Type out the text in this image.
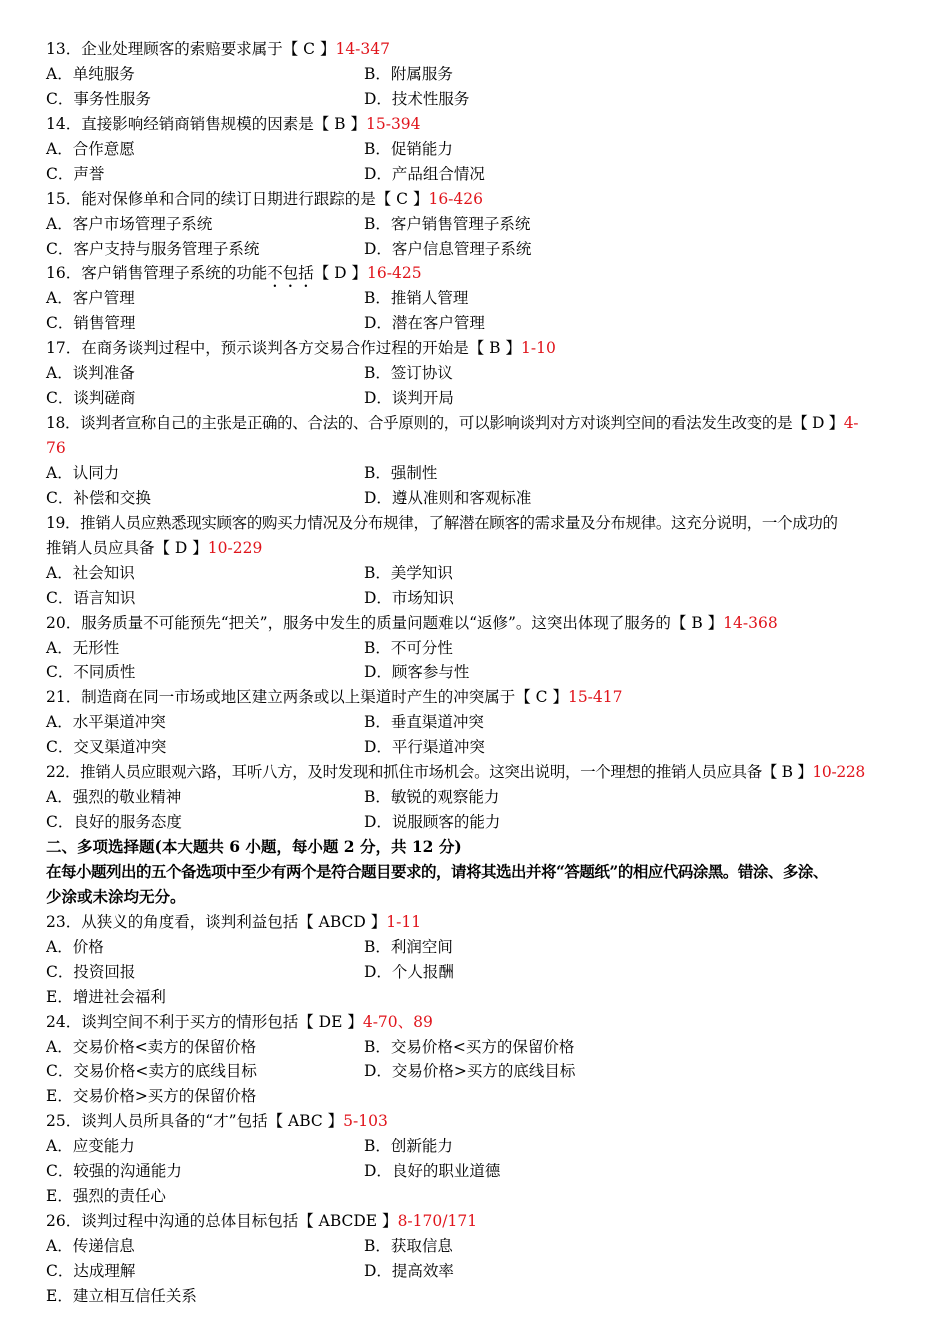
13．企业处理顾客的索赔要求属于【 C 】14-347
A．单纯服务	B．附属服务
C．事务性服务	D．技术性服务
14．直接影响经销商销售规模的因素是【 B 】15-394
A．合作意愿	B．促销能力
C．声誉	D．产品组合情况
15．能对保修单和合同的续订日期进行跟踪的是【 C 】16-426
A．客户市场管理子系统	B．客户销售管理子系统
C．客户支持与服务管理子系统	D．客户信息管理子系统
16．客户销售管理子系统的功能不包括【 D 】16-425
A．客户管理	B．推销人管理
C．销售管理	D．潜在客户管理
17．在商务谈判过程中，预示谈判各方交易合作过程的开始是【 B 】1-10
A．谈判准备	B．签订协议
C．谈判磋商	D．谈判开局
18．谈判者宣称自己的主张是正确的、合法的、合乎原则的，可以影响谈判对方对谈判空间的看法发生改变的是【 D 】4-
76
A．认同力	B．强制性
C．补偿和交换	D．遵从准则和客观标准
19．推销人员应熟悉现实顾客的购买力情况及分布规律，了解潜在顾客的需求量及分布规律。这充分说明，一个成功的
推销人员应具备【 D 】10-229
A．社会知识	B．美学知识
C．语言知识	D．市场知识
20．服务质量不可能预先“把关”，服务中发生的质量问题难以“返修”。这突出体现了服务的【 B 】14-368
A．无形性	B．不可分性
C．不同质性	D．顾客参与性
21．制造商在同一市场或地区建立两条或以上渠道时产生的冲突属于【 C 】15-417
A．水平渠道冲突	B．垂直渠道冲突
C．交叉渠道冲突	D．平行渠道冲突
22．推销人员应眼观六路，耳听八方，及时发现和抓住市场机会。这突出说明，一个理想的推销人员应具备【 B 】10-228
A．强烈的敬业精神	B．敏锐的观察能力
C．良好的服务态度	D．说服顾客的能力
二、多项选择题(本大题共 6 小题，每小题 2 分，共 12 分)
在每小题列出的五个备选项中至少有两个是符合题目要求的，请将其选出并将“答题纸”的相应代码涂黑。错涂、多涂、
少涂或未涂均无分。
23．从狭义的角度看，谈判利益包括【 ABCD 】1-11
A．价格	B．利润空间
C．投资回报	D．个人报酬
E．增进社会福利
24．谈判空间不利于买方的情形包括【 DE 】4-70、89
A．交易价格<卖方的保留价格	B．交易价格<买方的保留价格
C．交易价格<卖方的底线目标	D．交易价格>买方的底线目标
E．交易价格>买方的保留价格
25．谈判人员所具备的“才”包括【 ABC 】5-103
A．应变能力	B．创新能力
C．较强的沟通能力	D．良好的职业道德
E．强烈的责任心
26．谈判过程中沟通的总体目标包括【 ABCDE 】8-170/171
A．传递信息	B．获取信息
C．达成理解	D．提高效率
E．建立相互信任关系
